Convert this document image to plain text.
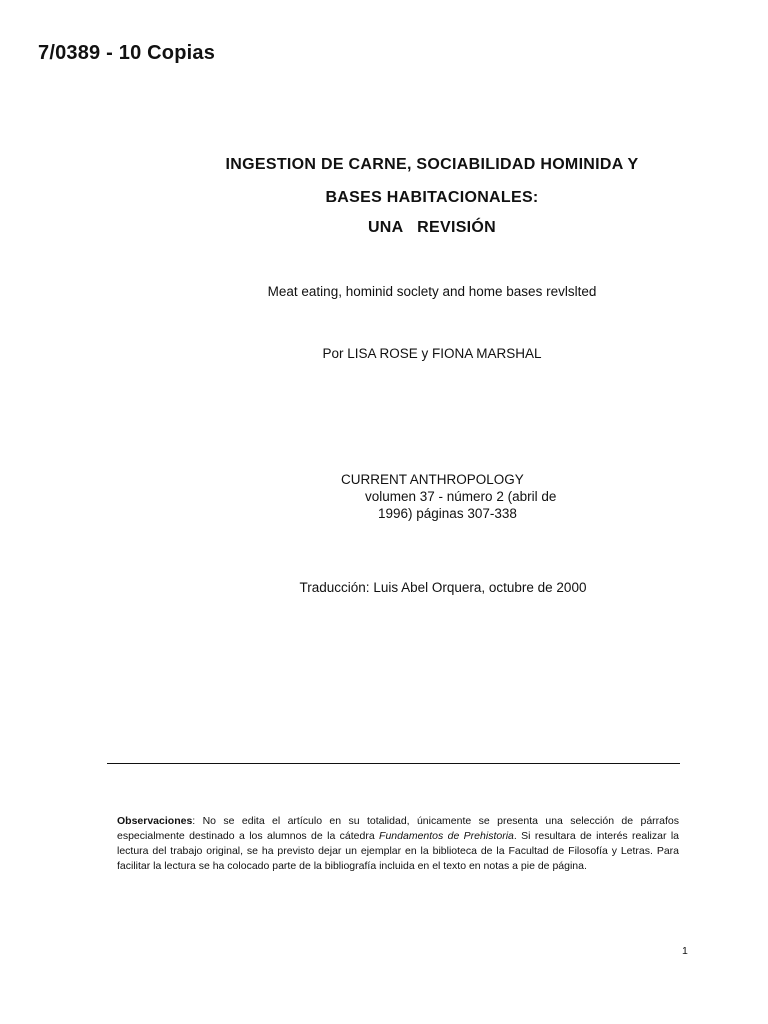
7/0389 - 10 Copias
INGESTION DE CARNE, SOCIABILIDAD HOMINIDA Y
BASES HABITACIONALES:
UNA   REVISIÓN
Meat eating, hominid soclety and home bases revlslted
Por LISA ROSE y FIONA MARSHAL
CURRENT ANTHROPOLOGY
volumen 37 - número 2 (abril de
1996) páginas 307-338
Traducción: Luis Abel Orquera, octubre de 2000
Observaciones: No se edita el artículo en su totalidad, únicamente se presenta una selección de párrafos especialmente destinado a los alumnos de la cátedra Fundamentos de Prehistoria. Si resultara de interés realizar la lectura del trabajo original, se ha previsto dejar un ejemplar en la biblioteca de la Facultad de Filosofía y Letras. Para facilitar la lectura se ha colocado parte de la bibliografía incluida en el texto en notas a pie de página.
1
